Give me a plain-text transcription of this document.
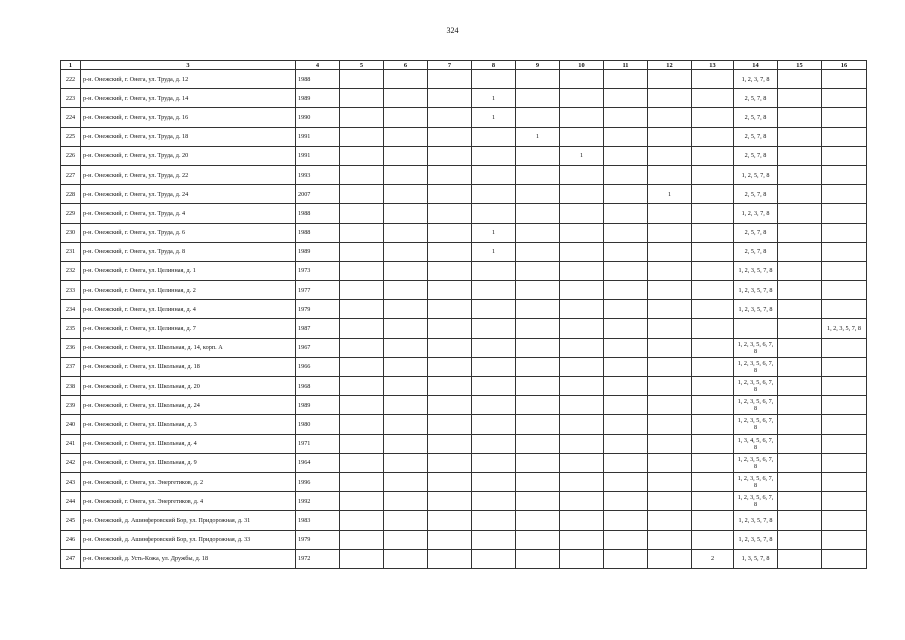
324
1	3	4	5	6	7	8	9	10	11	12	13	14	15	16
222	р-н. Онежский, г. Онега, ул. Труда, д. 12	1988										1, 2, 3, 7, 8		
223	р-н. Онежский, г. Онега, ул. Труда, д. 14	1989				1						2, 5, 7, 8		
224	р-н. Онежский, г. Онега, ул. Труда, д. 16	1990				1						2, 5, 7, 8		
225	р-н. Онежский, г. Онега, ул. Труда, д. 18	1991					1					2, 5, 7, 8		
226	р-н. Онежский, г. Онега, ул. Труда, д. 20	1991						1				2, 5, 7, 8		
227	р-н. Онежский, г. Онега, ул. Труда, д. 22	1993										1, 2, 5, 7, 8		
228	р-н. Онежский, г. Онега, ул. Труда, д. 24	2007								1		2, 5, 7, 8		
229	р-н. Онежский, г. Онега, ул. Труда, д. 4	1988										1, 2, 3, 7, 8		
230	р-н. Онежский, г. Онега, ул. Труда, д. 6	1988				1						2, 5, 7, 8		
231	р-н. Онежский, г. Онега, ул. Труда, д. 8	1989				1						2, 5, 7, 8		
232	р-н. Онежский, г. Онега, ул. Целинная, д. 1	1973										1, 2, 3, 5, 7, 8		
233	р-н. Онежский, г. Онега, ул. Целинная, д. 2	1977										1, 2, 3, 5, 7, 8		
234	р-н. Онежский, г. Онега, ул. Целинная, д. 4	1979										1, 2, 3, 5, 7, 8		
235	р-н. Онежский, г. Онега, ул. Целинная, д. 7	1987												1, 2, 3, 5, 7, 8
236	р-н. Онежский, г. Онега, ул. Школьная, д. 14, корп. А	1967										1, 2, 3, 5, 6, 7, 8		
237	р-н. Онежский, г. Онега, ул. Школьная, д. 18	1966										1, 2, 3, 5, 6, 7, 8		
238	р-н. Онежский, г. Онега, ул. Школьная, д. 20	1968										1, 2, 3, 5, 6, 7, 8		
239	р-н. Онежский, г. Онега, ул. Школьная, д. 24	1989										1, 2, 3, 5, 6, 7, 8		
240	р-н. Онежский, г. Онега, ул. Школьная, д. 3	1980										1, 2, 3, 5, 6, 7, 8		
241	р-н. Онежский, г. Онега, ул. Школьная, д. 4	1971										1, 3, 4, 5, 6, 7, 8		
242	р-н. Онежский, г. Онега, ул. Школьная, д. 9	1964										1, 2, 3, 5, 6, 7, 8		
243	р-н. Онежский, г. Онега, ул. Энергетиков, д. 2	1996										1, 2, 3, 5, 6, 7, 8		
244	р-н. Онежский, г. Онега, ул. Энергетиков, д. 4	1992										1, 2, 3, 5, 6, 7, 8		
245	р-н. Онежский, д. Ашинферовский Бор, ул. Придорожная, д. 31	1983										1, 2, 3, 5, 7, 8		
246	р-н. Онежский, д. Ашинферовский Бор, ул. Придорожная, д. 33	1979										1, 2, 3, 5, 7, 8		
247	р-н. Онежский, д. Усть-Кожа, ул. Дружбы, д. 18	1972									2	1, 3, 5, 7, 8		
